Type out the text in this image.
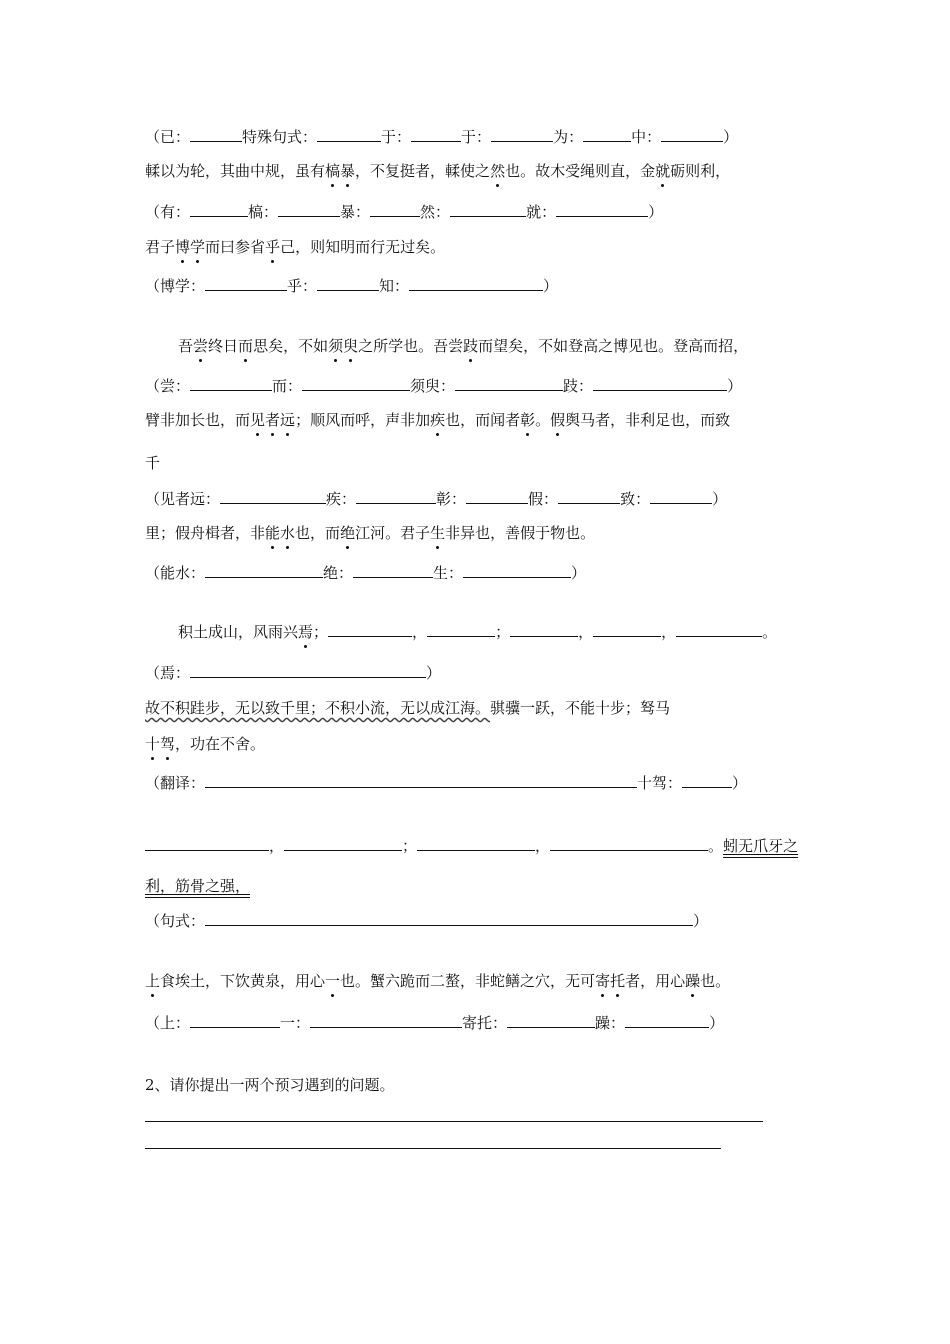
（已：	特殊句式：	于：	于：	为：	中：	）
輮以为轮，其曲中规，虽有槁暴，不复挺者，輮使之然也。故木受绳则直，金就砺则利，
（有：	槁：	暴：	然：	就：	）
君子博学而曰参省乎己，则知明而行无过矣。
（博学：	乎：	知：	）
吾尝终日而思矣，不如须臾之所学也。吾尝跂而望矣，不如登高之博见也。登高而招，
（尝：	而：	须臾：	跂：	）
臂非加长也，而见者远；顺风而呼，声非加疾也，而闻者彰。假舆马者，非利足也，而致
千
（见者远：	疾：	彰：	假：	致：	）
里；假舟楫者，非能水也，而绝江河。君子生非异也，善假于物也。
（能水：	绝：	生：	）
积土成山，风雨兴焉；	，	；	，	，	。
（焉：	）
故不积跬步，无以致千里；不积小流，无以成江海。骐骥一跃，不能十步；驽马
十驾，功在不舍。
（翻译：	十驾：	）
，	；	，	。蚓无爪牙之
利，筋骨之强，
（句式：	）
上食埃土，下饮黄泉，用心一也。蟹六跪而二螯，非蛇鳝之穴，无可寄托者，用心躁也。
（上：	一：	寄托：	躁：	）
2、请你提出一两个预习遇到的问题。
